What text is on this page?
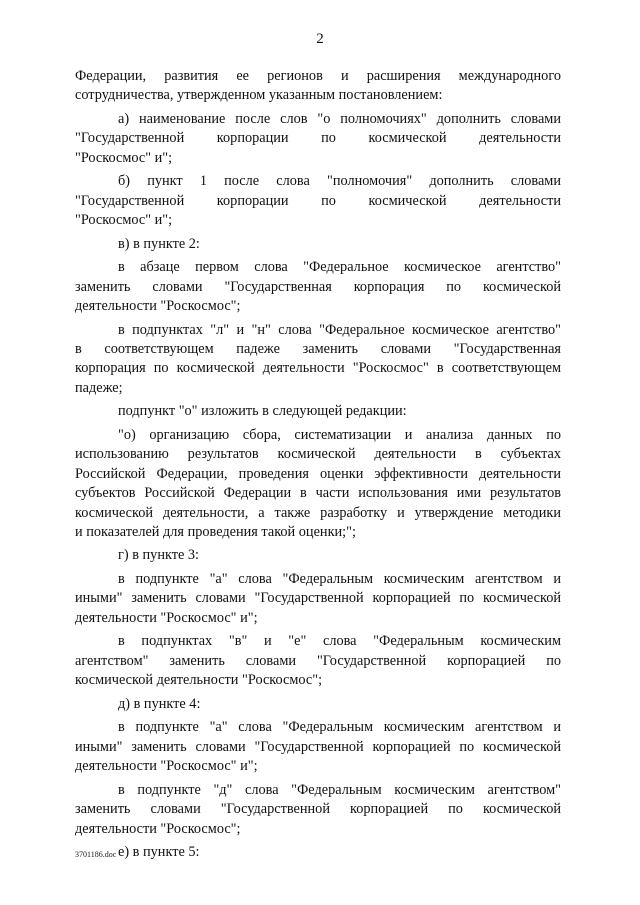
2
Федерации, развития ее регионов и расширения международного
сотрудничества, утвержденном указанным постановлением:
а) наименование после слов "о полномочиях" дополнить словами
"Государственной корпорации по космической деятельности
"Роскосмос" и";
б) пункт 1 после слова "полномочия" дополнить словами
"Государственной корпорации по космической деятельности
"Роскосмос" и";
в) в пункте 2:
в абзаце первом слова "Федеральное космическое агентство"
заменить словами "Государственная корпорация по космической
деятельности "Роскосмос";
в подпунктах "л" и "н" слова "Федеральное космическое агентство"
в соответствующем падеже заменить словами "Государственная
корпорация по космической деятельности "Роскосмос" в соответствующем
падеже;
подпункт "о" изложить в следующей редакции:
"о) организацию сбора, систематизации и анализа данных по
использованию результатов космической деятельности в субъектах
Российской Федерации, проведения оценки эффективности деятельности
субъектов Российской Федерации в части использования ими результатов
космической деятельности, а также разработку и утверждение методики
и показателей для проведения такой оценки;";
г) в пункте 3:
в подпункте "а" слова "Федеральным космическим агентством и
иными" заменить словами "Государственной корпорацией по космической
деятельности "Роскосмос" и";
в подпунктах "в" и "е" слова "Федеральным космическим
агентством" заменить словами "Государственной корпорацией по
космической деятельности "Роскосмос";
д) в пункте 4:
в подпункте "а" слова "Федеральным космическим агентством и
иными" заменить словами "Государственной корпорацией по космической
деятельности "Роскосмос" и";
в подпункте "д" слова "Федеральным космическим агентством"
заменить словами "Государственной корпорацией по космической
деятельности "Роскосмос";
е) в пункте 5:
3701186.doc
